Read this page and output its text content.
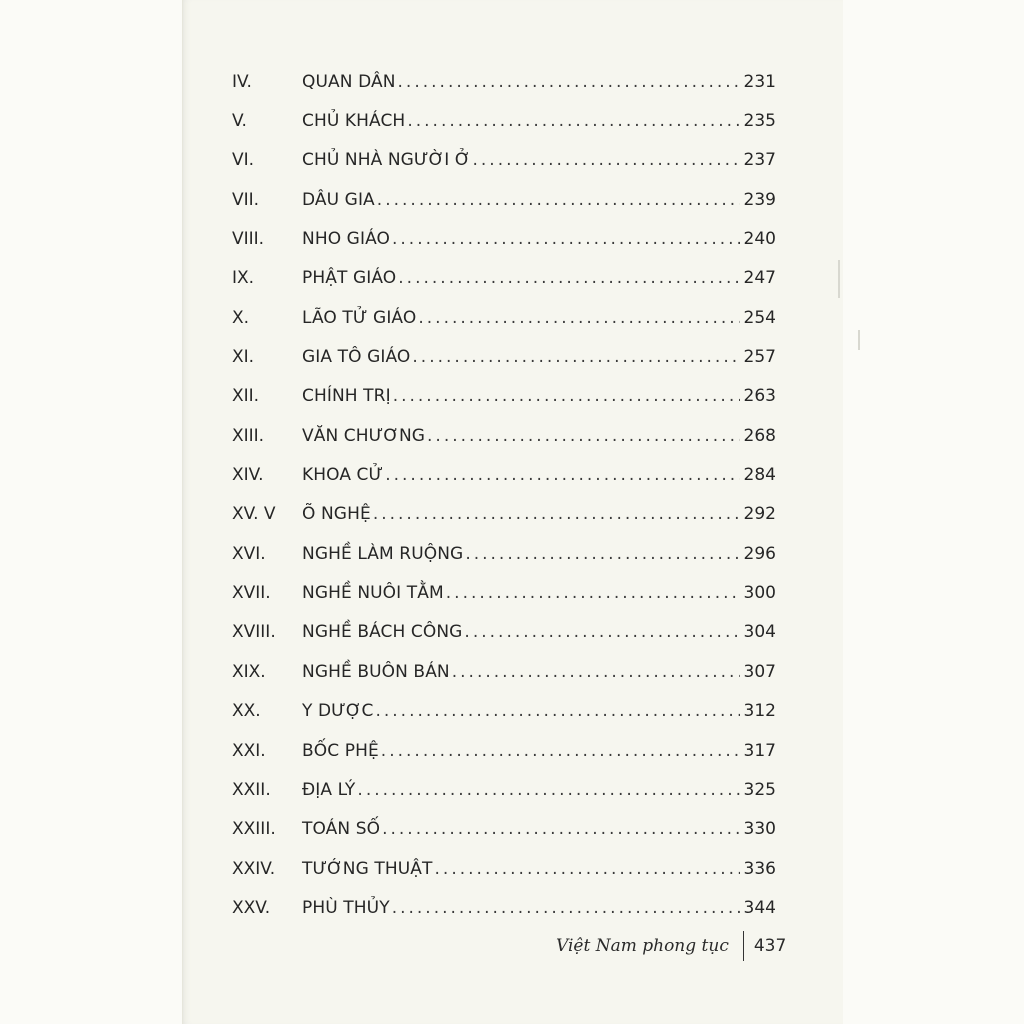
IV.	QUAN DÂN .....	231
V.	CHỦ KHÁCH .....	235
VI.	CHỦ NHÀ NGƯỜI Ở .....	237
VII.	DÂU GIA .....	239
VIII.	NHO GIÁO .....	240
IX.	PHẬT GIÁO .....	247
X.	LÃO TỬ GIÁO .....	254
XI.	GIA TÔ GIÁO .....	257
XII.	CHÍNH TRỊ .....	263
XIII.	VĂN CHƯƠNG .....	268
XIV.	KHOA CỬ .....	284
XV. V	Õ NGHỆ .....	292
XVI.	NGHỀ LÀM RUỘNG .....	296
XVII.	NGHỀ NUÔI TẰM .....	300
XVIII.	NGHỀ BÁCH CÔNG .....	304
XIX.	NGHỀ BUÔN BÁN .....	307
XX.	Y DƯỢC .....	312
XXI.	BỐC PHỆ .....	317
XXII.	ĐỊA LÝ .....	325
XXIII.	TOÁN SỐ .....	330
XXIV.	TƯỚNG THUẬT .....	336
XXV.	PHÙ THỦY .....	344
Việt Nam phong tục 437
